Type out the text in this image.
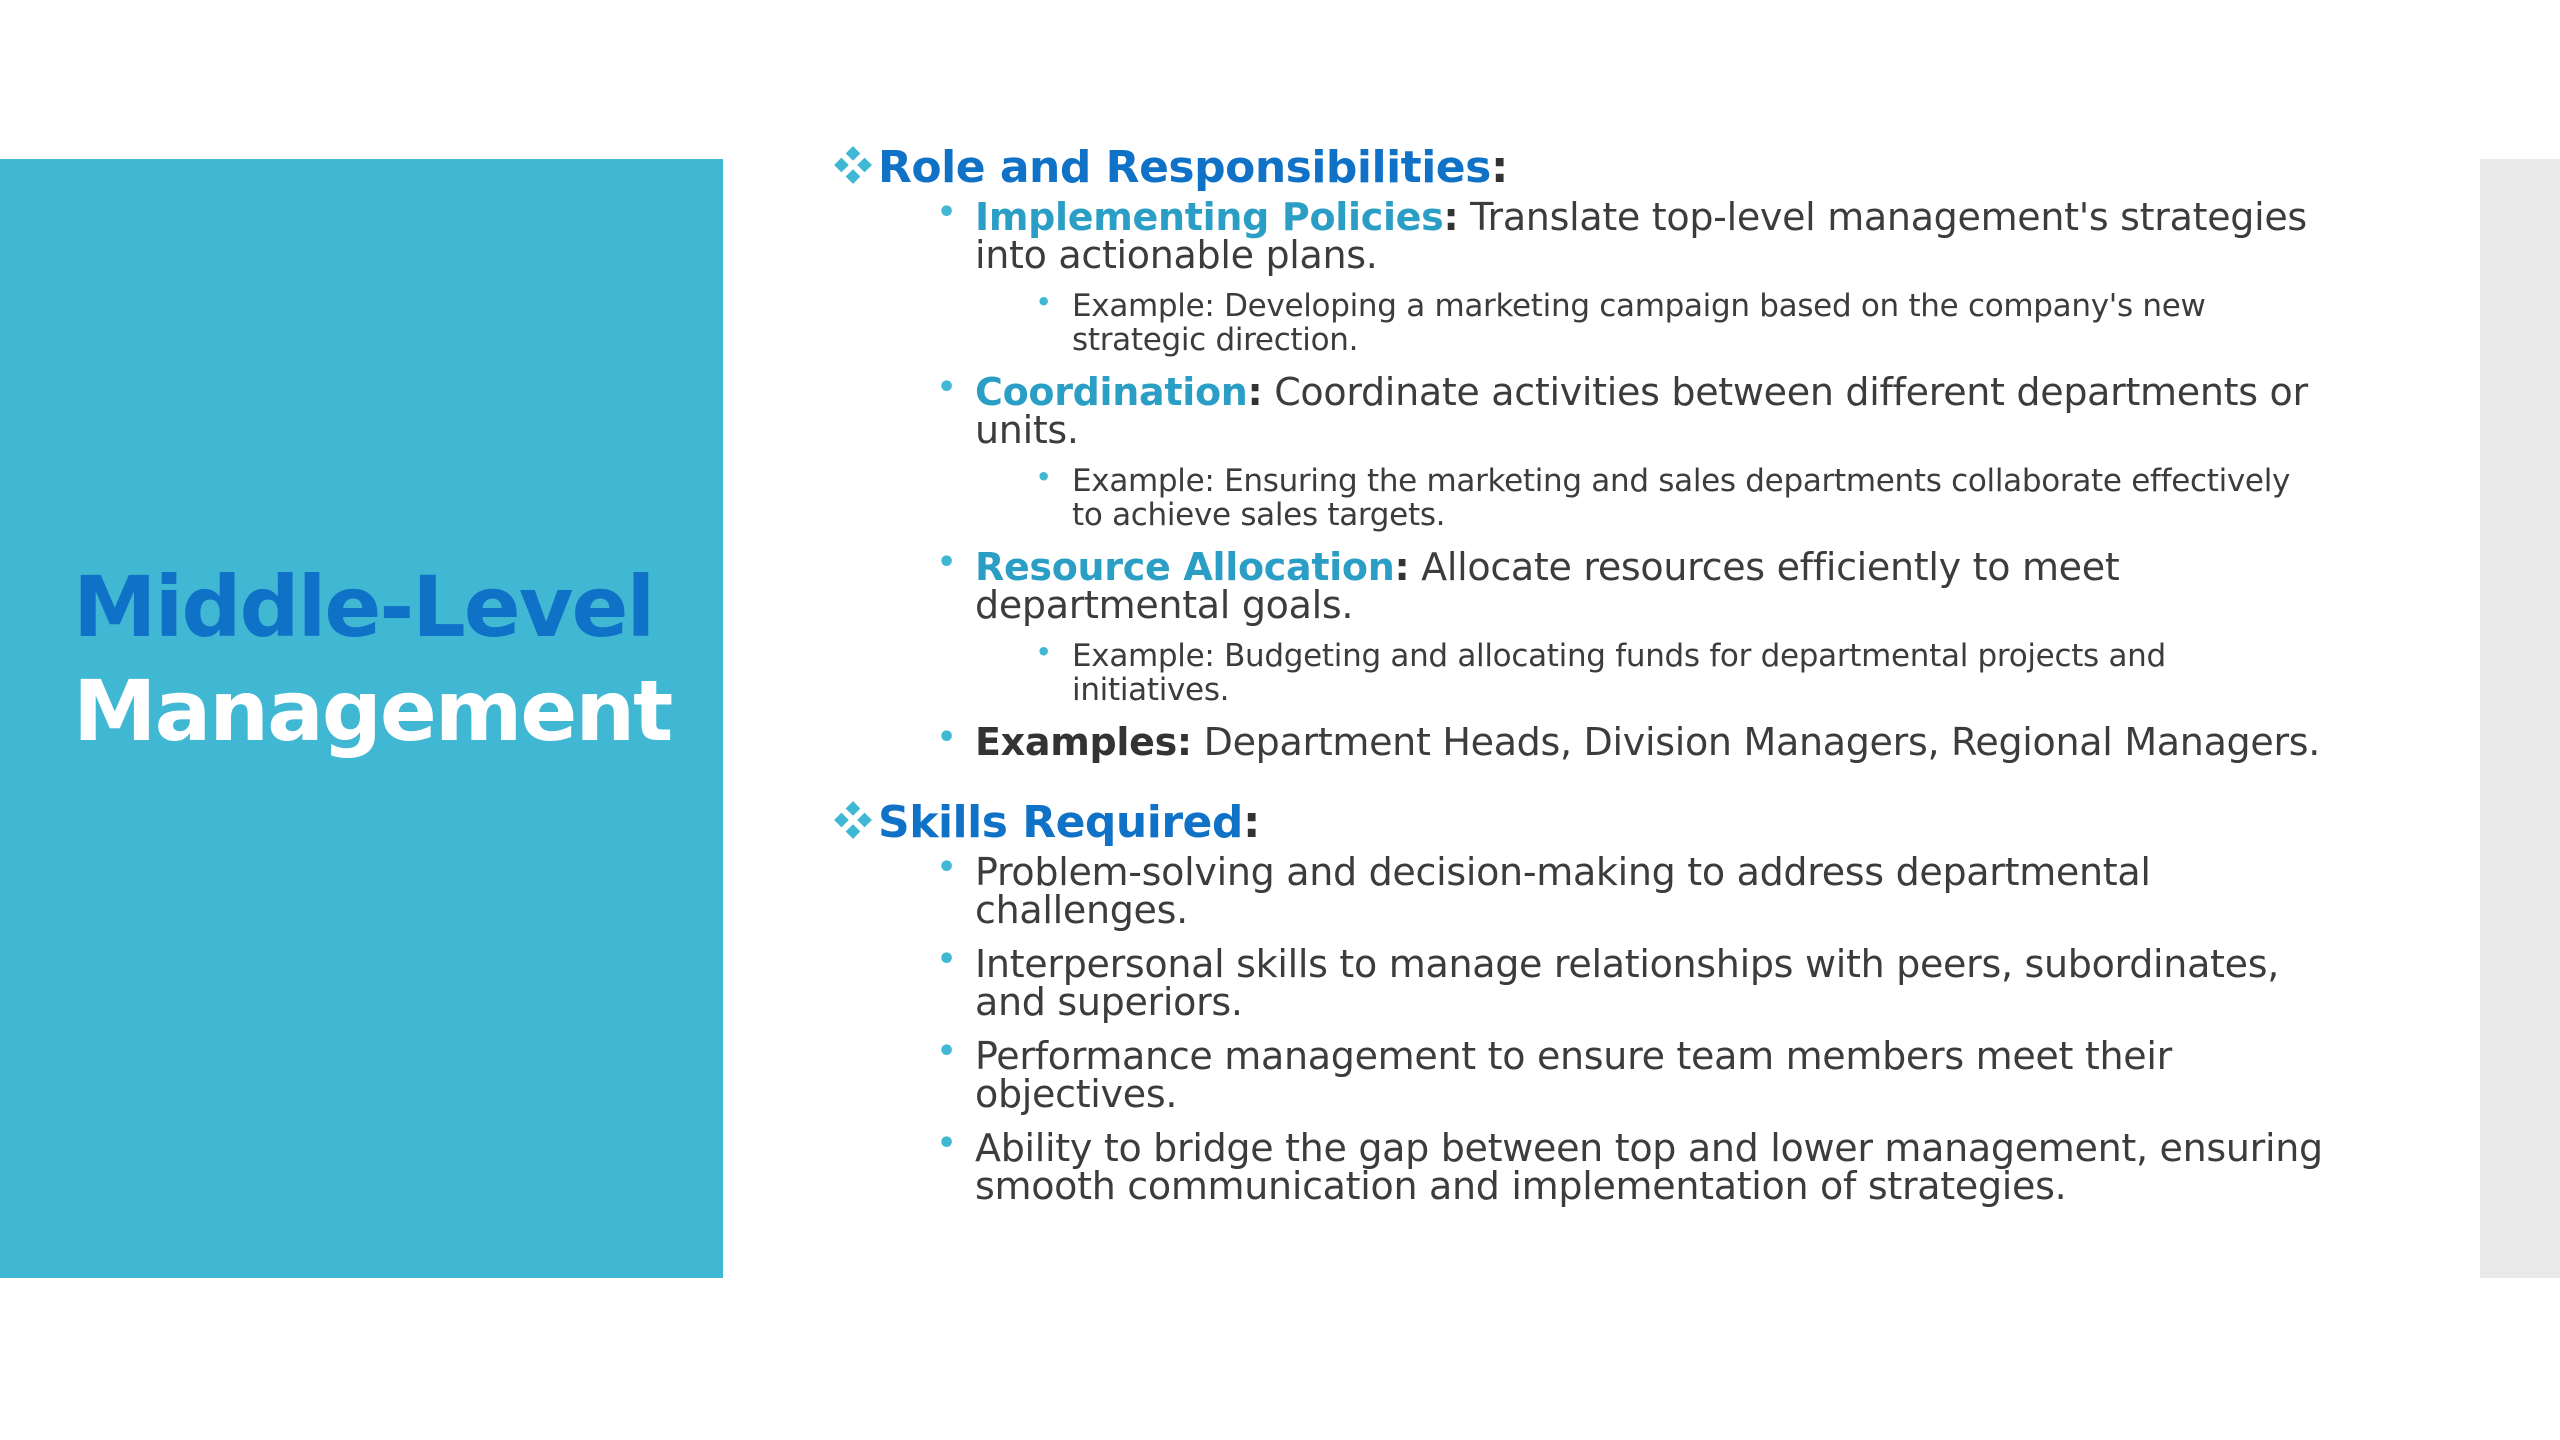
Middle-Level
Management
Role and Responsibilities:
• Implementing Policies: Translate top-level management's strategies into actionable plans.
• Example: Developing a marketing campaign based on the company's new strategic direction.
• Coordination: Coordinate activities between different departments or units.
• Example: Ensuring the marketing and sales departments collaborate effectively to achieve sales targets.
• Resource Allocation: Allocate resources efficiently to meet departmental goals.
• Example: Budgeting and allocating funds for departmental projects and initiatives.
• Examples: Department Heads, Division Managers, Regional Managers.
Skills Required:
• Problem-solving and decision-making to address departmental challenges.
• Interpersonal skills to manage relationships with peers, subordinates, and superiors.
• Performance management to ensure team members meet their objectives.
• Ability to bridge the gap between top and lower management, ensuring smooth communication and implementation of strategies.
